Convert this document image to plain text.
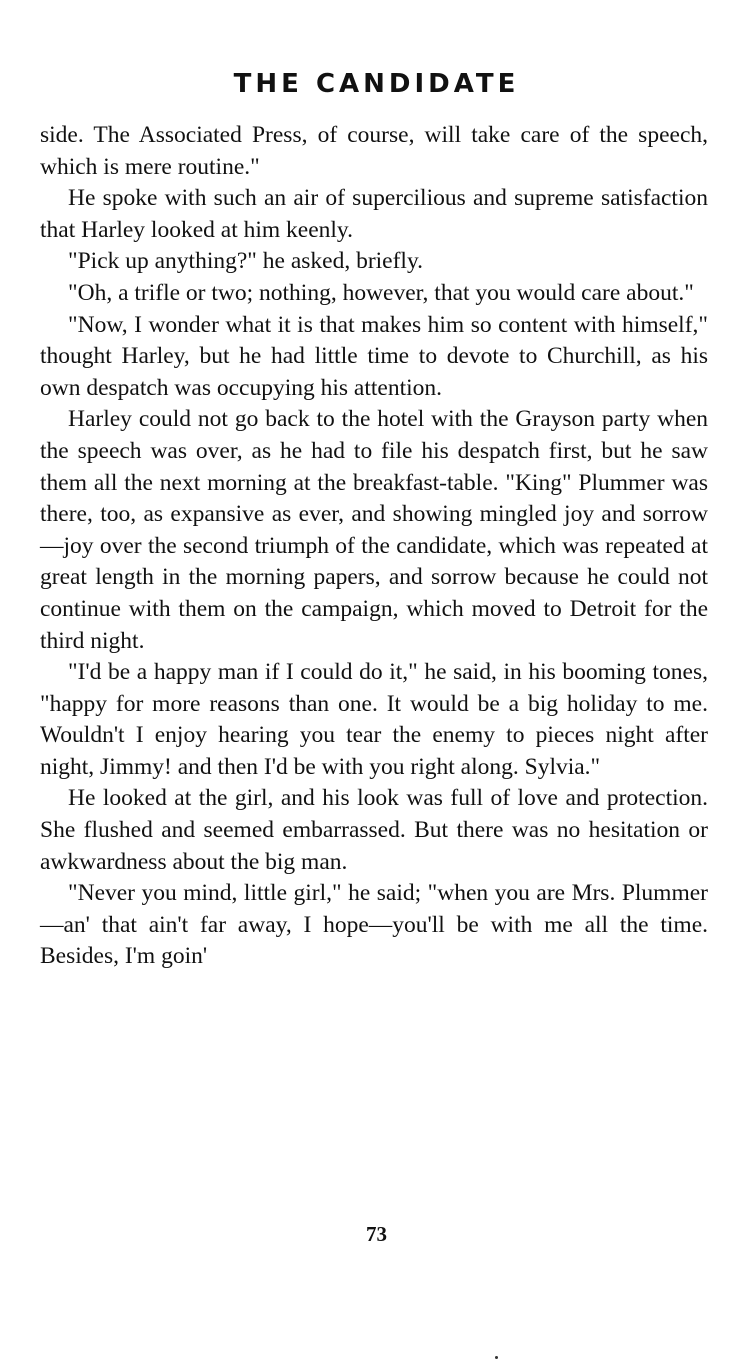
THE CANDIDATE

side. The Associated Press, of course, will take care of the speech, which is mere routine."

He spoke with such an air of supercilious and supreme satisfaction that Harley looked at him keenly.

"Pick up anything?" he asked, briefly.

"Oh, a trifle or two; nothing, however, that you would care about."

"Now, I wonder what it is that makes him so content with himself," thought Harley, but he had little time to devote to Churchill, as his own despatch was occupying his attention.

Harley could not go back to the hotel with the Grayson party when the speech was over, as he had to file his despatch first, but he saw them all the next morning at the breakfast-table. "King" Plummer was there, too, as expansive as ever, and showing mingled joy and sorrow—joy over the second triumph of the candidate, which was repeated at great length in the morning papers, and sorrow because he could not continue with them on the campaign, which moved to Detroit for the third night.

"I'd be a happy man if I could do it," he said, in his booming tones, "happy for more reasons than one. It would be a big holiday to me. Wouldn't I enjoy hearing you tear the enemy to pieces night after night, Jimmy! and then I'd be with you right along. Sylvia."

He looked at the girl, and his look was full of love and protection. She flushed and seemed embarrassed. But there was no hesitation or awkwardness about the big man.

"Never you mind, little girl," he said; "when you are Mrs. Plummer—an' that ain't far away, I hope—you'll be with me all the time. Besides, I'm goin'

73
